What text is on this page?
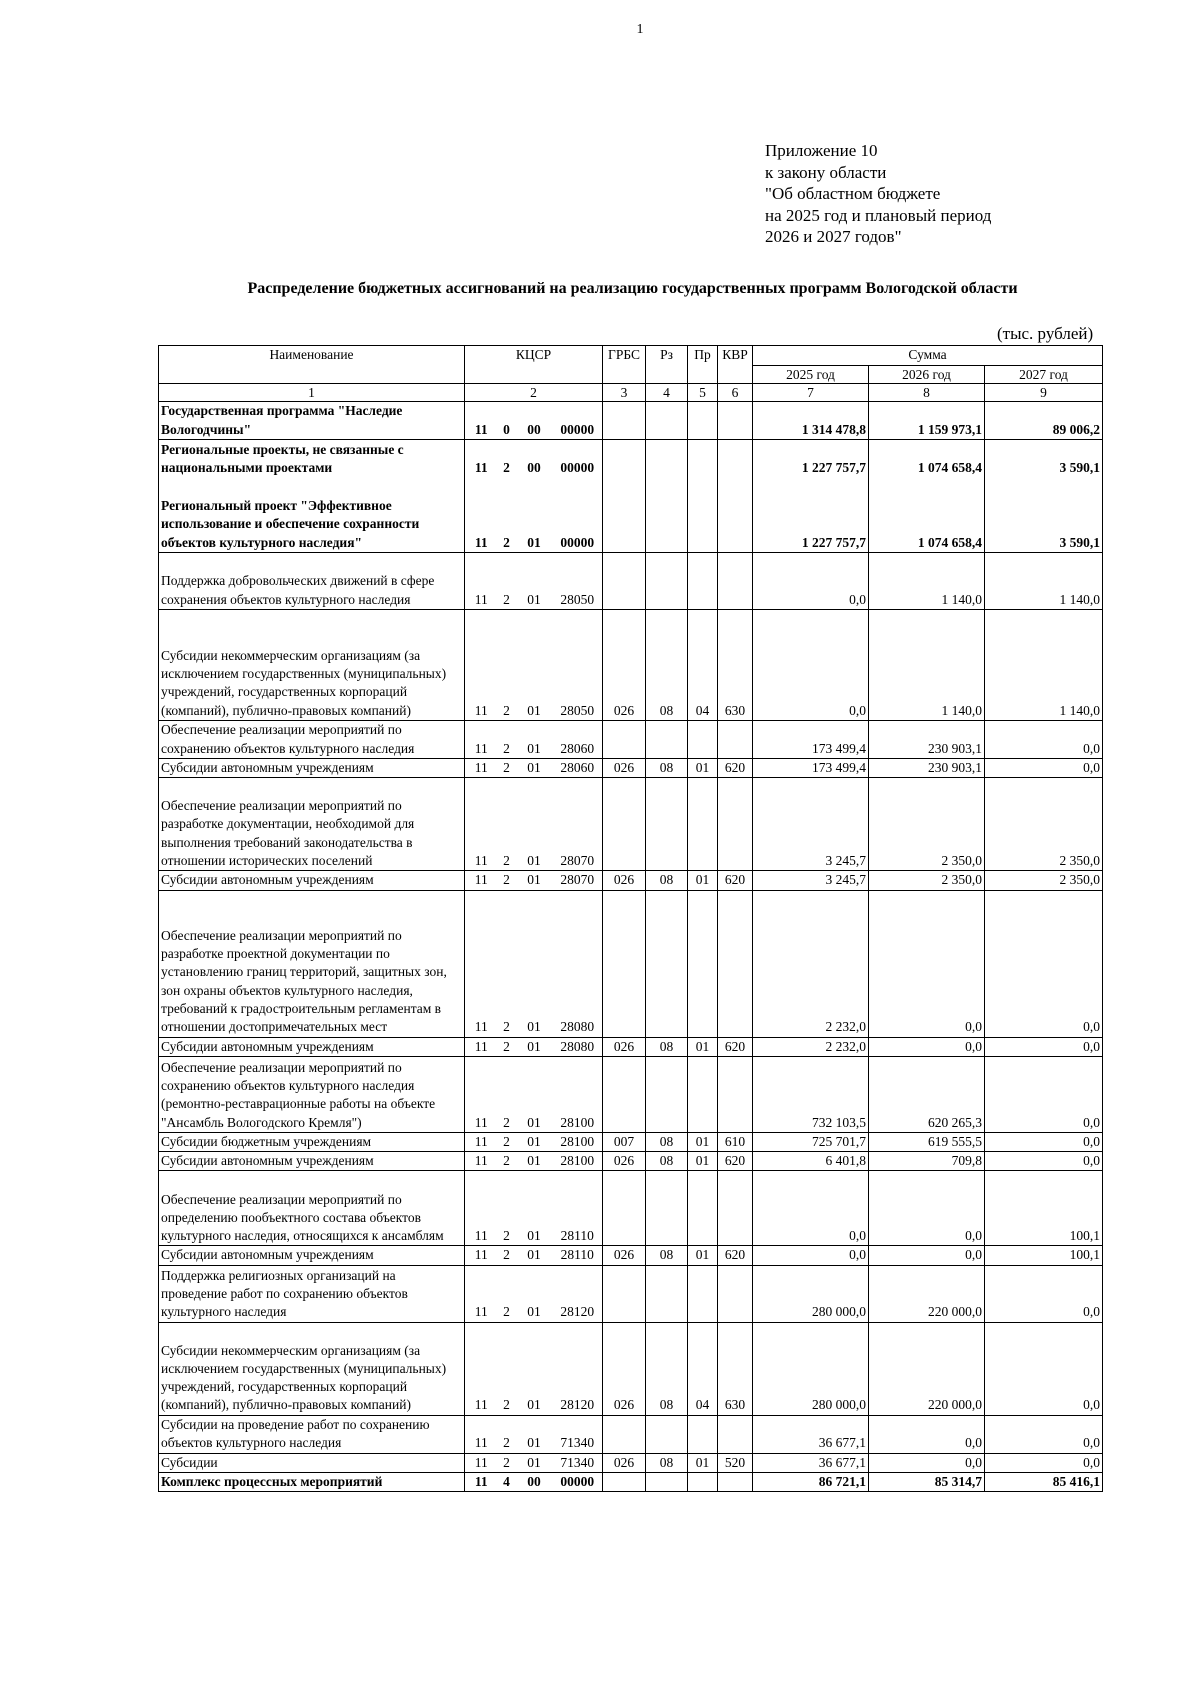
1
Приложение 10
к закону области
"Об областном бюджете
на 2025 год и плановый период
2026 и 2027 годов"
Распределение бюджетных ассигнований на реализацию государственных программ Вологодской области
(тыс. рублей)
Наименование	КЦСР				ГРБС	Рз	Пр	КВР	Сумма		
									2025 год	2026 год	2027 год
1	2				3	4	5	6	7	8	9
Государственная программа "Наследие Вологодчины"	11	0	00	00000					1 314 478,8	1 159 973,1	89 006,2
Региональные проекты, не связанные с национальными проектами	11	2	00	00000					1 227 757,7	1 074 658,4	3 590,1
Региональный проект "Эффективное использование и обеспечение сохранности объектов культурного наследия"	11	2	01	00000					1 227 757,7	1 074 658,4	3 590,1
Поддержка добровольческих движений в сфере сохранения объектов культурного наследия	11	2	01	28050					0,0	1 140,0	1 140,0
Субсидии некоммерческим организациям (за исключением государственных (муниципальных) учреждений, государственных корпораций (компаний), публично-правовых компаний)	11	2	01	28050	026	08	04	630	0,0	1 140,0	1 140,0
Обеспечение реализации мероприятий по сохранению объектов культурного наследия	11	2	01	28060					173 499,4	230 903,1	0,0
Субсидии автономным учреждениям	11	2	01	28060	026	08	01	620	173 499,4	230 903,1	0,0
Обеспечение реализации мероприятий по разработке документации, необходимой для выполнения требований законодательства в отношении исторических поселений	11	2	01	28070					3 245,7	2 350,0	2 350,0
Субсидии автономным учреждениям	11	2	01	28070	026	08	01	620	3 245,7	2 350,0	2 350,0
Обеспечение реализации мероприятий по разработке проектной документации по установлению границ территорий, защитных зон, зон охраны объектов культурного наследия, требований к градостроительным регламентам в отношении достопримечательных мест	11	2	01	28080					2 232,0	0,0	0,0
Субсидии автономным учреждениям	11	2	01	28080	026	08	01	620	2 232,0	0,0	0,0
Обеспечение реализации мероприятий по сохранению объектов культурного наследия (ремонтно-реставрационные работы на объекте "Ансамбль Вологодского Кремля")	11	2	01	28100					732 103,5	620 265,3	0,0
Субсидии бюджетным учреждениям	11	2	01	28100	007	08	01	610	725 701,7	619 555,5	0,0
Субсидии автономным учреждениям	11	2	01	28100	026	08	01	620	6 401,8	709,8	0,0
Обеспечение реализации мероприятий по определению пообъектного состава объектов культурного наследия, относящихся к ансамблям	11	2	01	28110					0,0	0,0	100,1
Субсидии автономным учреждениям	11	2	01	28110	026	08	01	620	0,0	0,0	100,1
Поддержка религиозных организаций на проведение работ по сохранению объектов культурного наследия	11	2	01	28120					280 000,0	220 000,0	0,0
Субсидии некоммерческим организациям (за исключением государственных (муниципальных) учреждений, государственных корпораций (компаний), публично-правовых компаний)	11	2	01	28120	026	08	04	630	280 000,0	220 000,0	0,0
Субсидии на проведение работ по сохранению объектов культурного наследия	11	2	01	71340					36 677,1	0,0	0,0
Субсидии	11	2	01	71340	026	08	01	520	36 677,1	0,0	0,0
Комплекс процессных мероприятий	11	4	00	00000					86 721,1	85 314,7	85 416,1
